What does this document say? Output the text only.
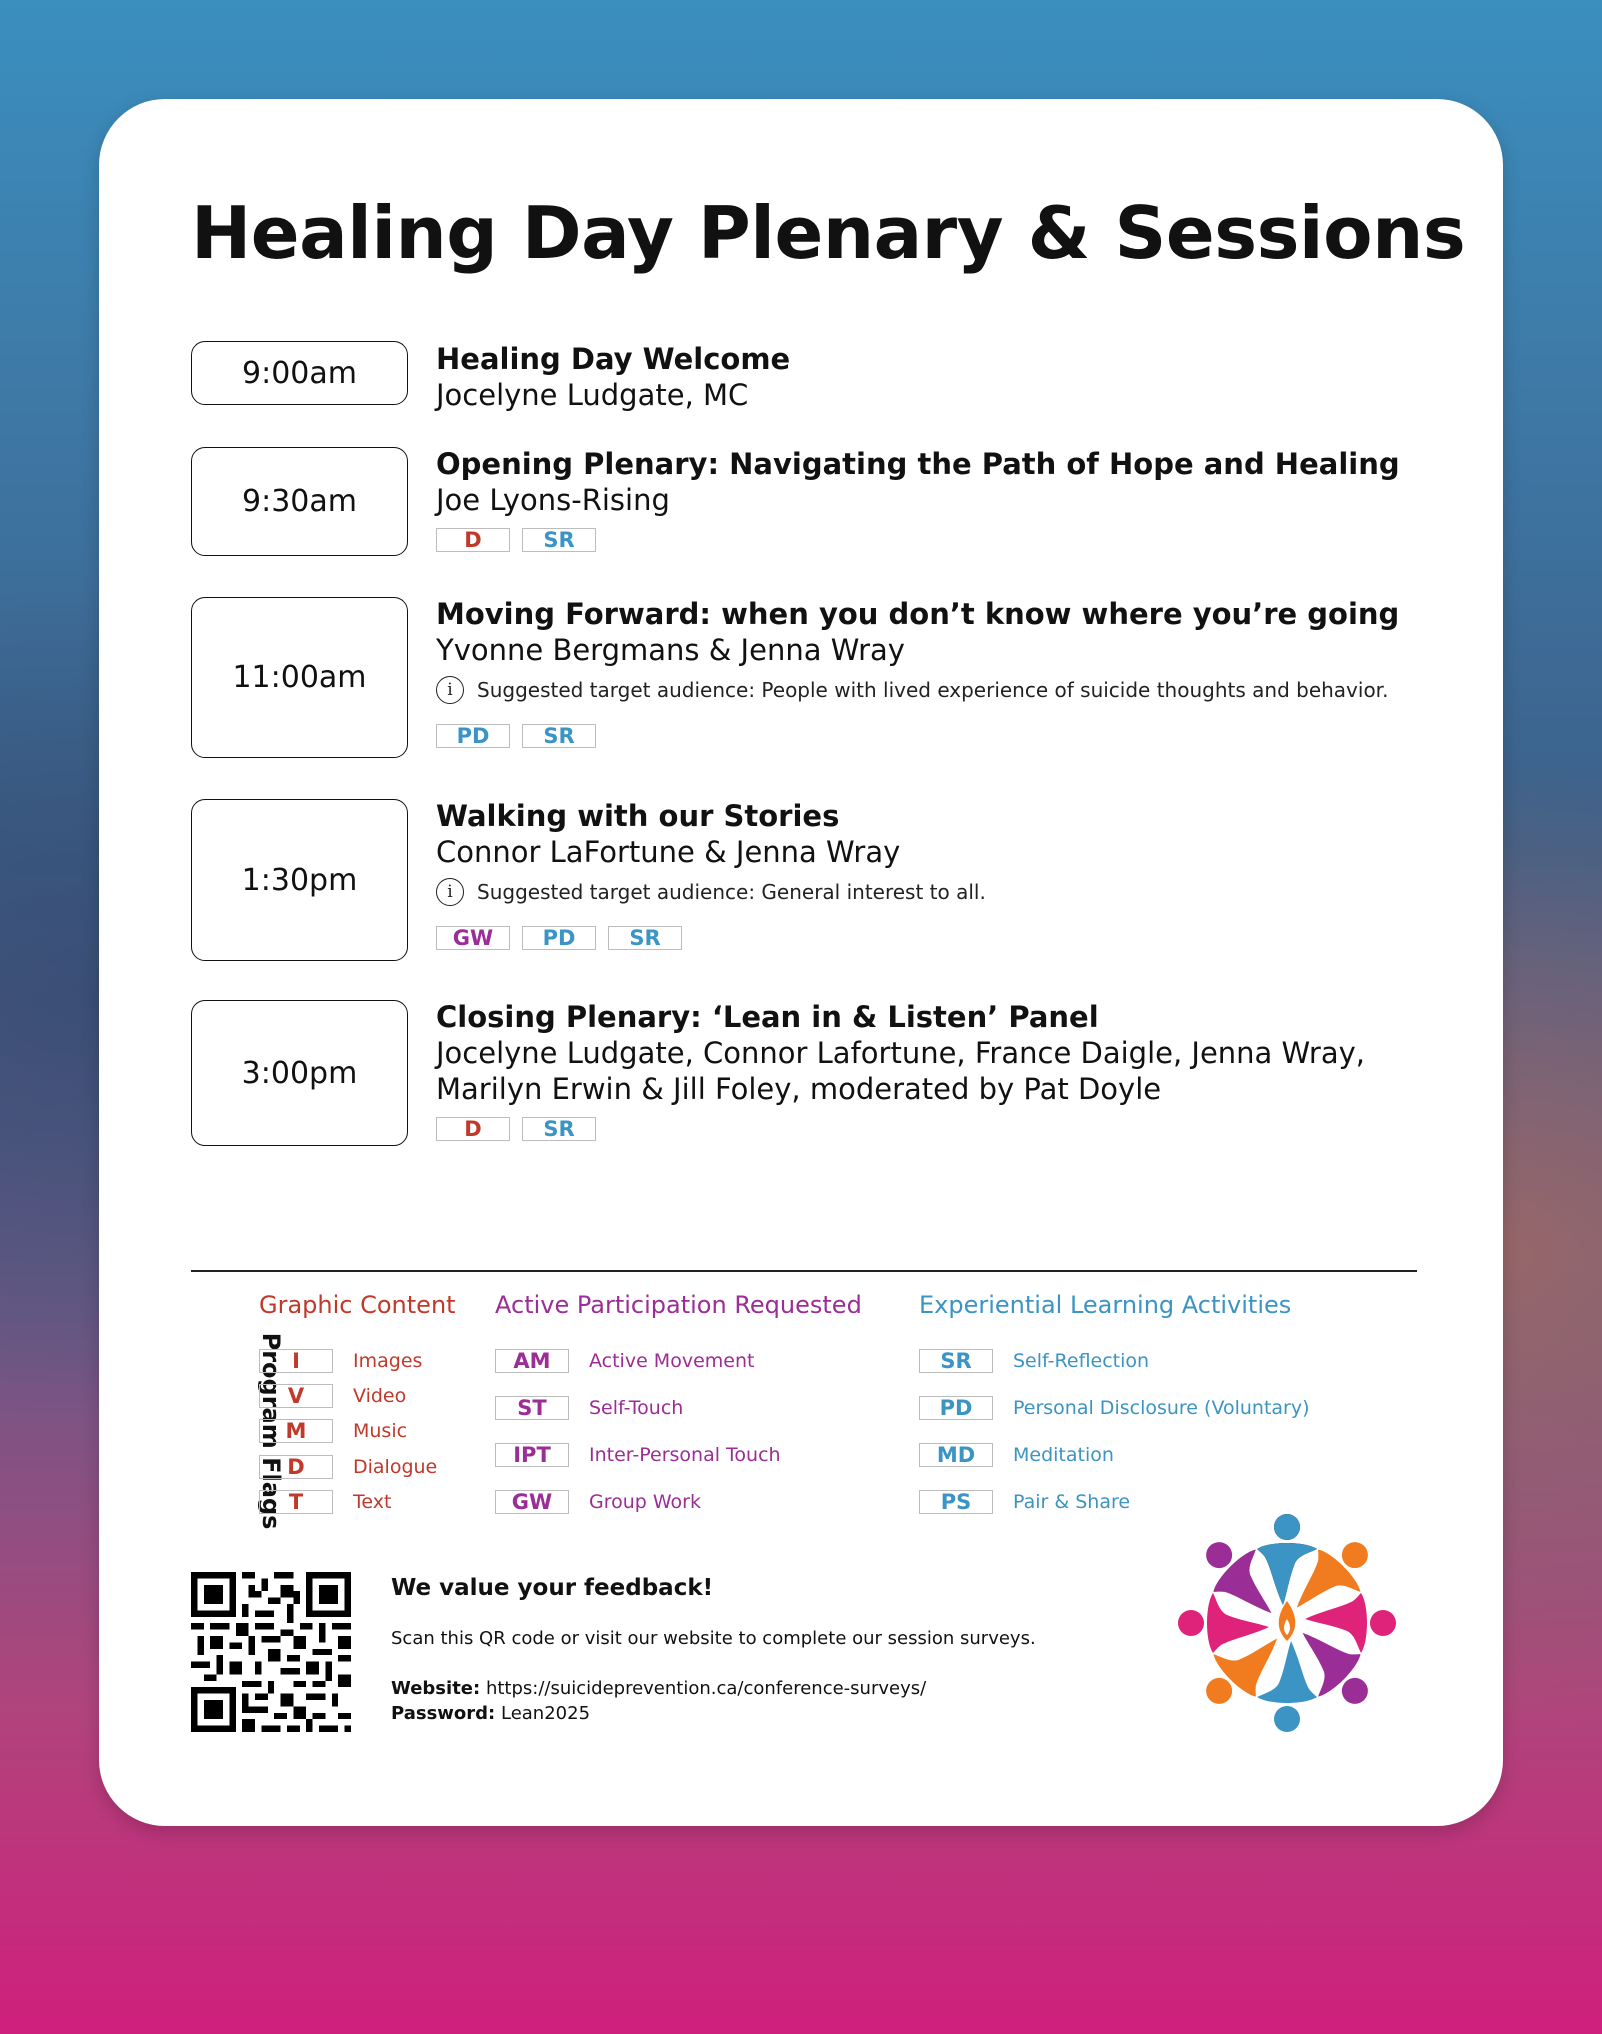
Healing Day Plenary & Sessions
9:00am	Healing Day Welcome
Jocelyne Ludgate, MC
9:30am
Opening Plenary: Navigating the Path of Hope and Healing
Joe Lyons-Rising
D	SR
11:00am
Moving Forward: when you don’t know where you’re going
Yvonne Bergmans & Jenna Wray
i	Suggested target audience: People with lived experience of suicide thoughts and behavior.
PD	SR
1:30pm
Walking with our Stories
Connor LaFortune & Jenna Wray
i	Suggested target audience: General interest to all.
GW	PD	SR
3:00pm
Closing Plenary: ‘Lean in & Listen’ Panel
Jocelyne Ludgate, Connor Lafortune, France Daigle, Jenna Wray,
Marilyn Erwin & Jill Foley, moderated by Pat Doyle
D	SR
Program Flags
Graphic Content
I	Images
V	Video
M	Music
D	Dialogue
T	Text
Active Participation Requested
AM	Active Movement
ST	Self-Touch
IPT	Inter-Personal Touch
GW	Group Work
Experiential Learning Activities
SR	Self-Reflection
PD	Personal Disclosure (Voluntary)
MD	Meditation
PS	Pair & Share
We value your feedback!
Scan this QR code or visit our website to complete our session surveys.
Website: https://suicideprevention.ca/conference-surveys/
Password: Lean2025
